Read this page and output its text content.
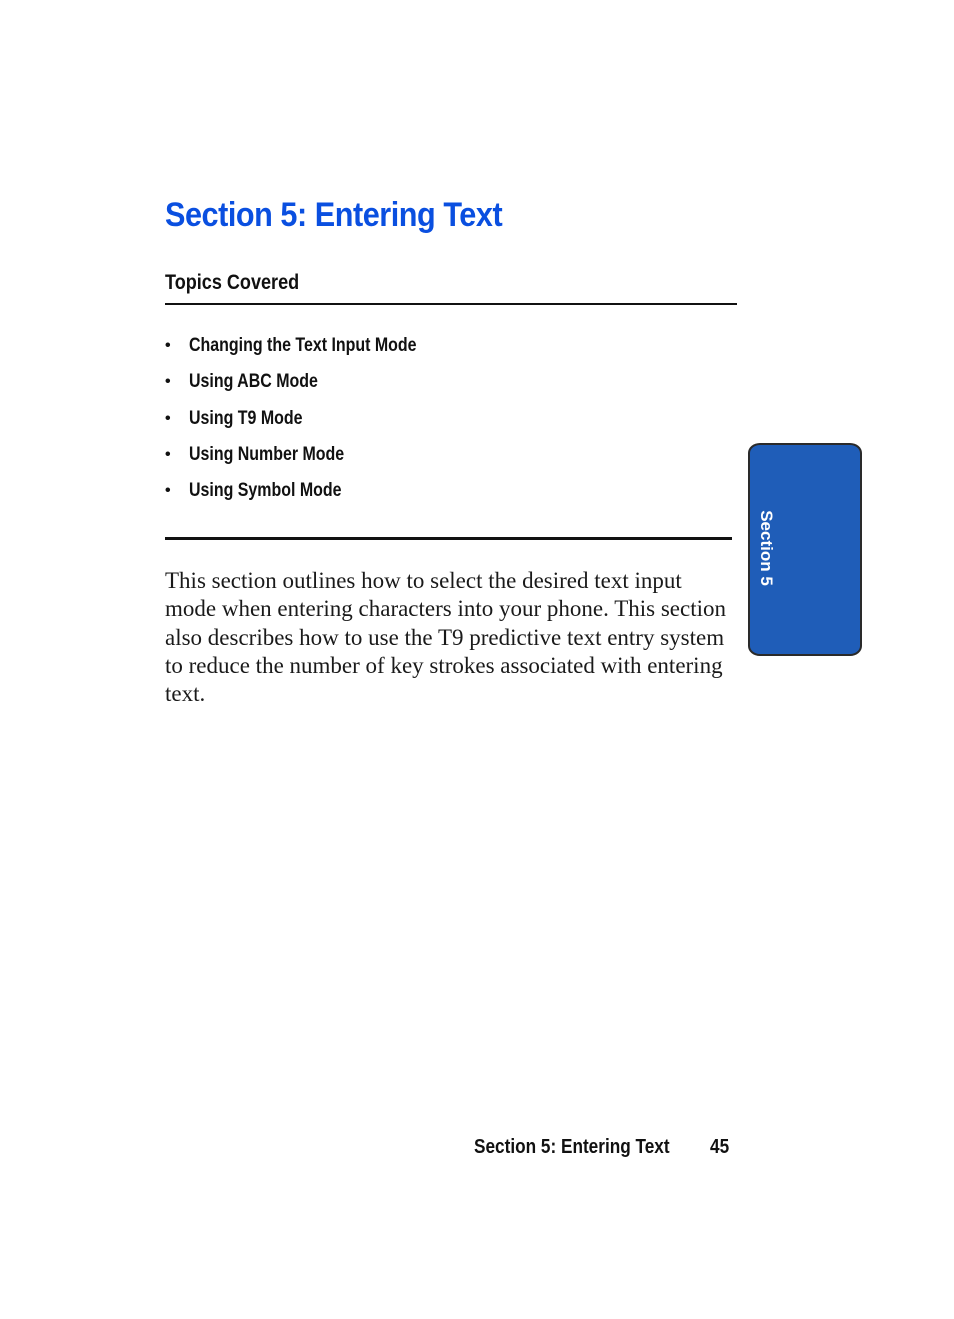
Section 5: Entering Text
Topics Covered
• Changing the Text Input Mode
• Using ABC Mode
• Using T9 Mode
• Using Number Mode
• Using Symbol Mode

This section outlines how to select the desired text input mode when entering characters into your phone. This section also describes how to use the T9 predictive text entry system to reduce the number of key strokes associated with entering text.

Section 5
Section 5: Entering Text 45
